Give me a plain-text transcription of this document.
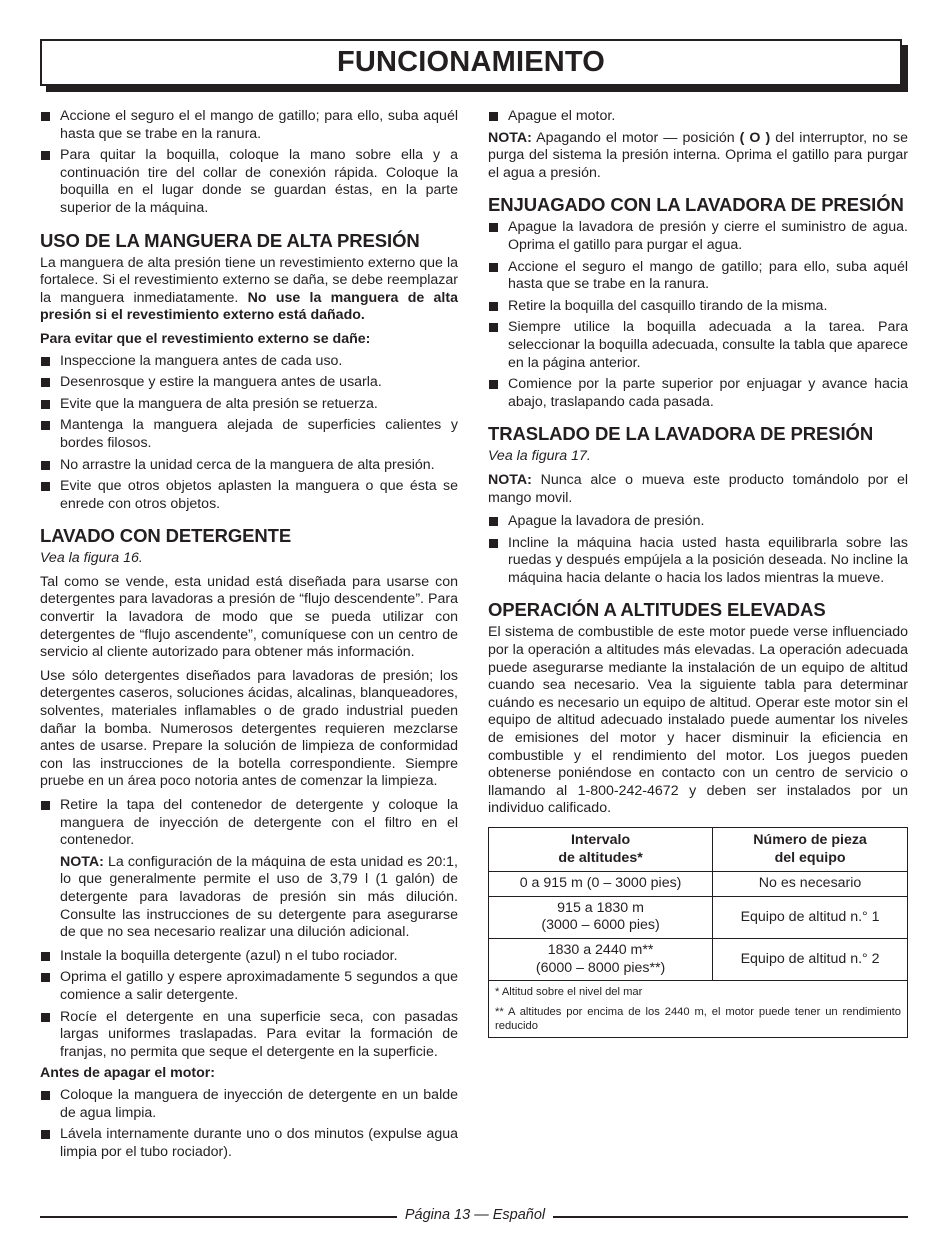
FUNCIONAMIENTO
Accione el seguro el el mango de gatillo; para ello, suba aquél hasta que se trabe en la ranura.
Para quitar la boquilla, coloque la mano sobre ella y a continuación tire del collar de conexión rápida. Coloque la boquilla en el lugar donde se guardan éstas, en la parte superior de la máquina.
USO DE LA MANGUERA DE ALTA PRESIÓN

La manguera de alta presión tiene un revestimiento externo que la fortalece. Si el revestimiento externo se daña, se debe reemplazar la manguera inmediatamente. No use la manguera de alta presión si el revestimiento externo está dañado.

Para evitar que el revestimiento externo se dañe:

Inspeccione la manguera antes de cada uso.
Desenrosque y estire la manguera antes de usarla.
Evite que la manguera de alta presión se retuerza.
Mantenga la manguera alejada de superficies calientes y bordes filosos.
No arrastre la unidad cerca de la manguera de alta presión.
Evite que otros objetos aplasten la manguera o que ésta se enrede con otros objetos.
LAVADO CON DETERGENTE

Vea la figura 16.

Tal como se vende, esta unidad está diseñada para usarse con detergentes para lavadoras a presión de “flujo descendente”. Para convertir la lavadora de modo que se pueda utilizar con detergentes de “flujo ascendente”, comuníquese con un centro de servicio al cliente autorizado para obtener más información.

Use sólo detergentes diseñados para lavadoras de presión; los detergentes caseros, soluciones ácidas, alcalinas, blanqueadores, solventes, materiales inflamables o de grado industrial pueden dañar la bomba. Numerosos detergentes requieren mezclarse antes de usarse. Prepare la solución de limpieza de conformidad con las instrucciones de la botella correspondiente. Siempre pruebe en un área poco notoria antes de comenzar la limpieza.

Retire la tapa del contenedor de detergente y coloque la manguera de inyección de detergente con el filtro en el contenedor.

NOTA: La configuración de la máquina de esta unidad es 20:1, lo que generalmente permite el uso de 3,79 l (1 galón) de detergente para lavadoras de presión sin más dilución. Consulte las instrucciones de su detergente para asegurarse de que no sea necesario realizar una dilución adicional.

Instale la boquilla detergente (azul) n el tubo rociador.
Oprima el gatillo y espere aproximadamente 5 segundos a que comience a salir detergente.
Rocíe el detergente en una superficie seca, con pasadas largas uniformes traslapadas. Para evitar la formación de franjas, no permita que seque el detergente en la superficie.

Antes de apagar el motor:

Coloque la manguera de inyección de detergente en un balde de agua limpia.
Lávela internamente durante uno o dos minutos (expulse agua limpia por el tubo rociador).
Apague el motor.

NOTA: Apagando el motor — posición ( O ) del interruptor, no se purga del sistema la presión interna. Oprima el gatillo para purgar el agua a presión.

ENJUAGADO CON LA LAVADORA DE PRESIÓN
Apague la lavadora de presión y cierre el suministro de agua. Oprima el gatillo para purgar el agua.
Accione el seguro el mango de gatillo; para ello, suba aquél hasta que se trabe en la ranura.
Retire la boquilla del casquillo tirando de la misma.
Siempre utilice la boquilla adecuada a la tarea. Para seleccionar la boquilla adecuada, consulte la tabla que aparece en la página anterior.
Comience por la parte superior por enjuagar y avance hacia abajo, traslapando cada pasada.
TRASLADO DE LA LAVADORA DE PRESIÓN

Vea la figura 17.

NOTA: Nunca alce o mueva este producto tomándolo por el mango movil.

Apague la lavadora de presión.
Incline la máquina hacia usted hasta equilibrarla sobre las ruedas y después empújela a la posición deseada. No incline la máquina hacia delante o hacia los lados mientras la mueve.
OPERACIÓN A ALTITUDES ELEVADAS

El sistema de combustible de este motor puede verse influenciado por la operación a altitudes más elevadas. La operación adecuada puede asegurarse mediante la instalación de un equipo de altitud cuando sea necesario. Vea la siguiente tabla para determinar cuándo es necesario un equipo de altitud. Operar este motor sin el equipo de altitud adecuado instalado puede aumentar los niveles de emisiones del motor y hacer disminuir la eficiencia en combustible y el rendimiento del motor. Los juegos pueden obtenerse poniéndose en contacto con un centro de servicio o llamando al 1-800-242-4672 y deben ser instalados por un individuo calificado.

Intervalo
de altitudes*	Número de pieza
del equipo
0 a 915 m (0 – 3000 pies)	No es necesario
915 a 1830 m
(3000 – 6000 pies)	Equipo de altitud n.° 1
1830 a 2440 m**
(6000 – 8000 pies**)	Equipo de altitud n.° 2

* Altitud sobre el nivel del mar
** A altitudes por encima de los 2440 m, el motor puede tener un rendimiento reducido	
Página 13 — Español
